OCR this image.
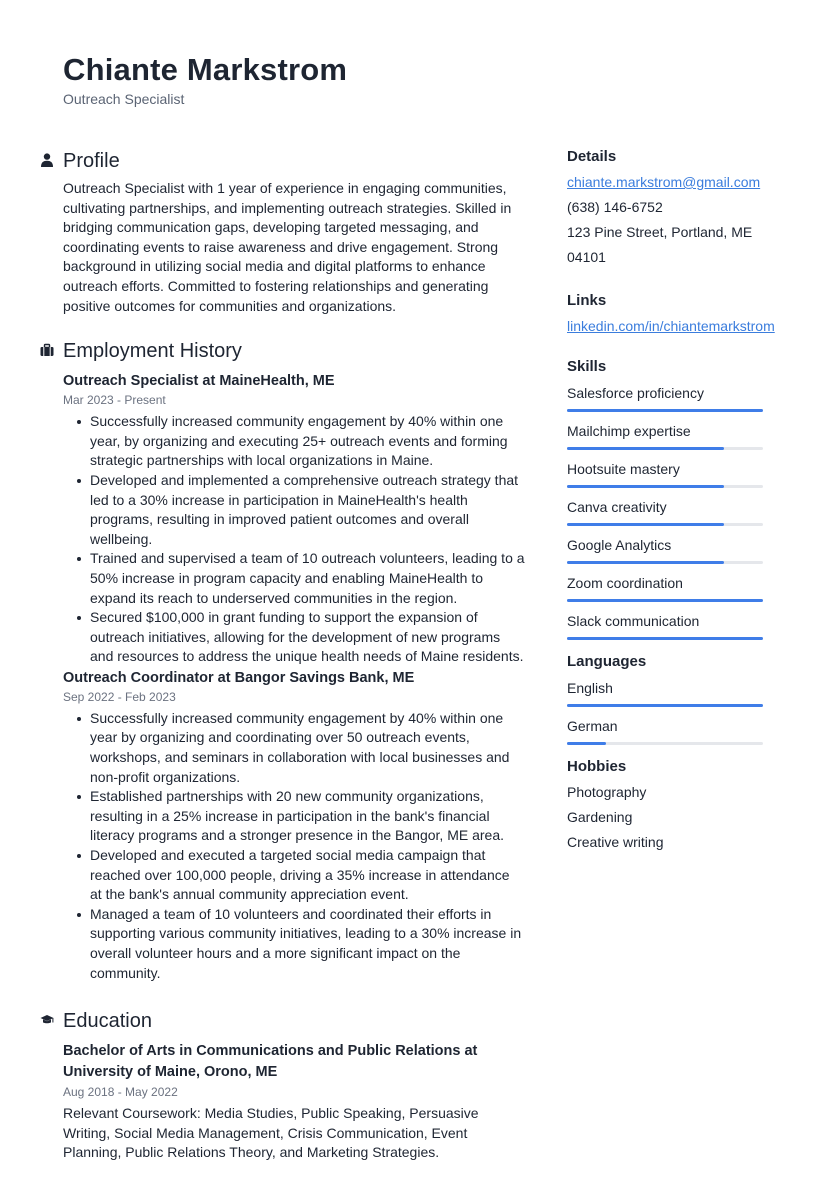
Chiante Markstrom
Outreach Specialist
Profile
Outreach Specialist with 1 year of experience in engaging communities, cultivating partnerships, and implementing outreach strategies. Skilled in bridging communication gaps, developing targeted messaging, and coordinating events to raise awareness and drive engagement. Strong background in utilizing social media and digital platforms to enhance outreach efforts. Committed to fostering relationships and generating positive outcomes for communities and organizations.
Employment History
Outreach Specialist at MaineHealth, ME
Mar 2023 - Present
Successfully increased community engagement by 40% within one year, by organizing and executing 25+ outreach events and forming strategic partnerships with local organizations in Maine.
Developed and implemented a comprehensive outreach strategy that led to a 30% increase in participation in MaineHealth's health programs, resulting in improved patient outcomes and overall wellbeing.
Trained and supervised a team of 10 outreach volunteers, leading to a 50% increase in program capacity and enabling MaineHealth to expand its reach to underserved communities in the region.
Secured $100,000 in grant funding to support the expansion of outreach initiatives, allowing for the development of new programs and resources to address the unique health needs of Maine residents.
Outreach Coordinator at Bangor Savings Bank, ME
Sep 2022 - Feb 2023
Successfully increased community engagement by 40% within one year by organizing and coordinating over 50 outreach events, workshops, and seminars in collaboration with local businesses and non-profit organizations.
Established partnerships with 20 new community organizations, resulting in a 25% increase in participation in the bank's financial literacy programs and a stronger presence in the Bangor, ME area.
Developed and executed a targeted social media campaign that reached over 100,000 people, driving a 35% increase in attendance at the bank's annual community appreciation event.
Managed a team of 10 volunteers and coordinated their efforts in supporting various community initiatives, leading to a 30% increase in overall volunteer hours and a more significant impact on the community.
Education
Bachelor of Arts in Communications and Public Relations at University of Maine, Orono, ME
Aug 2018 - May 2022
Relevant Coursework: Media Studies, Public Speaking, Persuasive Writing, Social Media Management, Crisis Communication, Event Planning, Public Relations Theory, and Marketing Strategies.
Details
chiante.markstrom@gmail.com
(638) 146-6752
123 Pine Street, Portland, ME 04101
Links
linkedin.com/in/chiantemarkstrom
Skills
Salesforce proficiency
Mailchimp expertise
Hootsuite mastery
Canva creativity
Google Analytics
Zoom coordination
Slack communication
Languages
English
German
Hobbies
Photography
Gardening
Creative writing
